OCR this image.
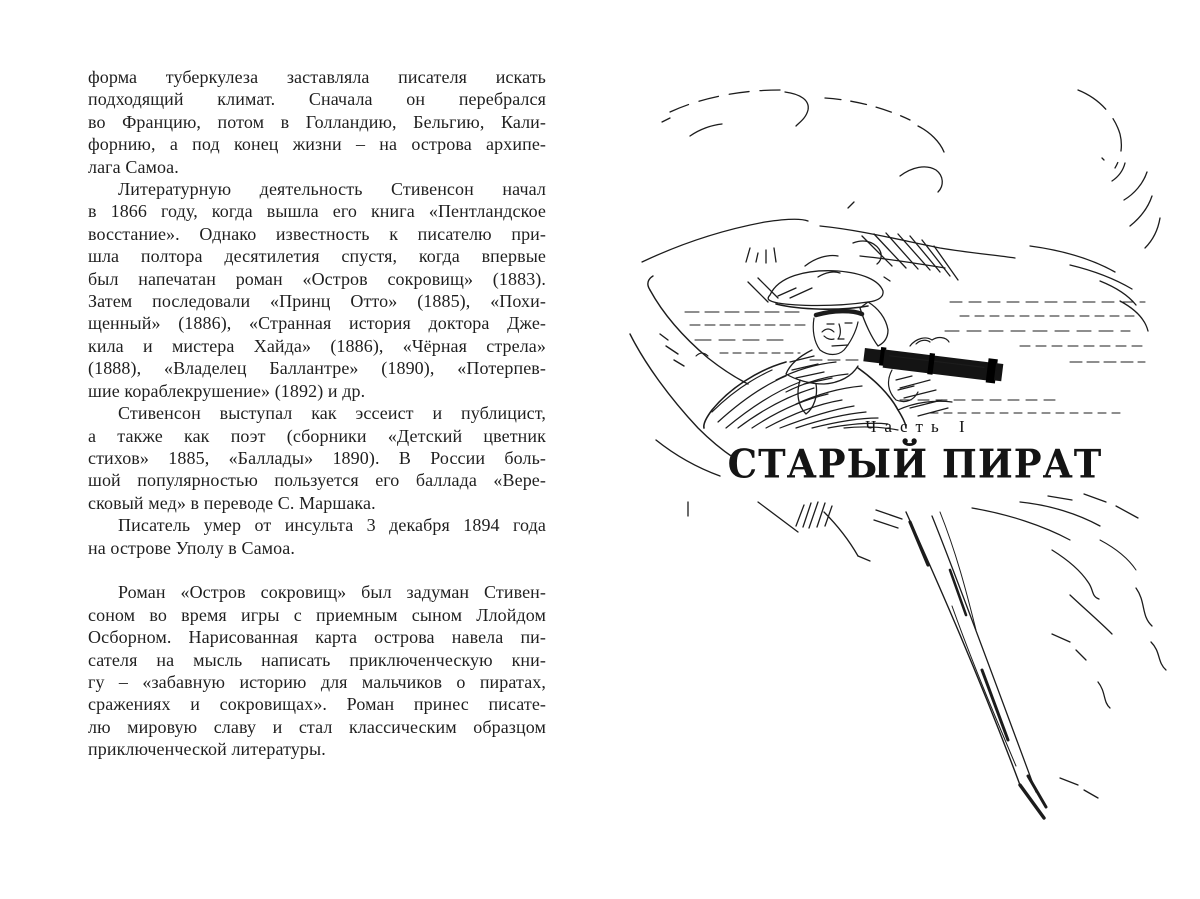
форма туберкулеза заставляла писателя искать
подходящий климат. Сначала он перебрался
во Францию, потом в Голландию, Бельгию, Кали-
форнию, а под конец жизни – на острова архипе-
лага Самоа.
Литературную деятельность Стивенсон начал
в 1866 году, когда вышла его книга «Пентландское
восстание». Однако известность к писателю при-
шла полтора десятилетия спустя, когда впервые
был напечатан роман «Остров сокровищ» (1883).
Затем последовали «Принц Отто» (1885), «Похи-
щенный» (1886), «Странная история доктора Дже-
кила и мистера Хайда» (1886), «Чёрная стрела»
(1888), «Владелец Баллантре» (1890), «Потерпев-
шие кораблекрушение» (1892) и др.
Стивенсон выступал как эссеист и публицист,
а также как поэт (сборники «Детский цветник
стихов» 1885, «Баллады» 1890). В России боль-
шой популярностью пользуется его баллада «Вере-
сковый мед» в переводе С. Маршака.
Писатель умер от инсульта 3 декабря 1894 года
на острове Уполу в Самоа.
Роман «Остров сокровищ» был задуман Стивен-
соном во время игры с приемным сыном Ллойдом
Осборном. Нарисованная карта острова навела пи-
сателя на мысль написать приключенческую кни-
гу – «забавную историю для мальчиков о пиратах,
сражениях и сокровищах». Роман принес писате-
лю мировую славу и стал классическим образцом
приключенческой литературы.
Часть I
СТАРЫЙ ПИРАТ
